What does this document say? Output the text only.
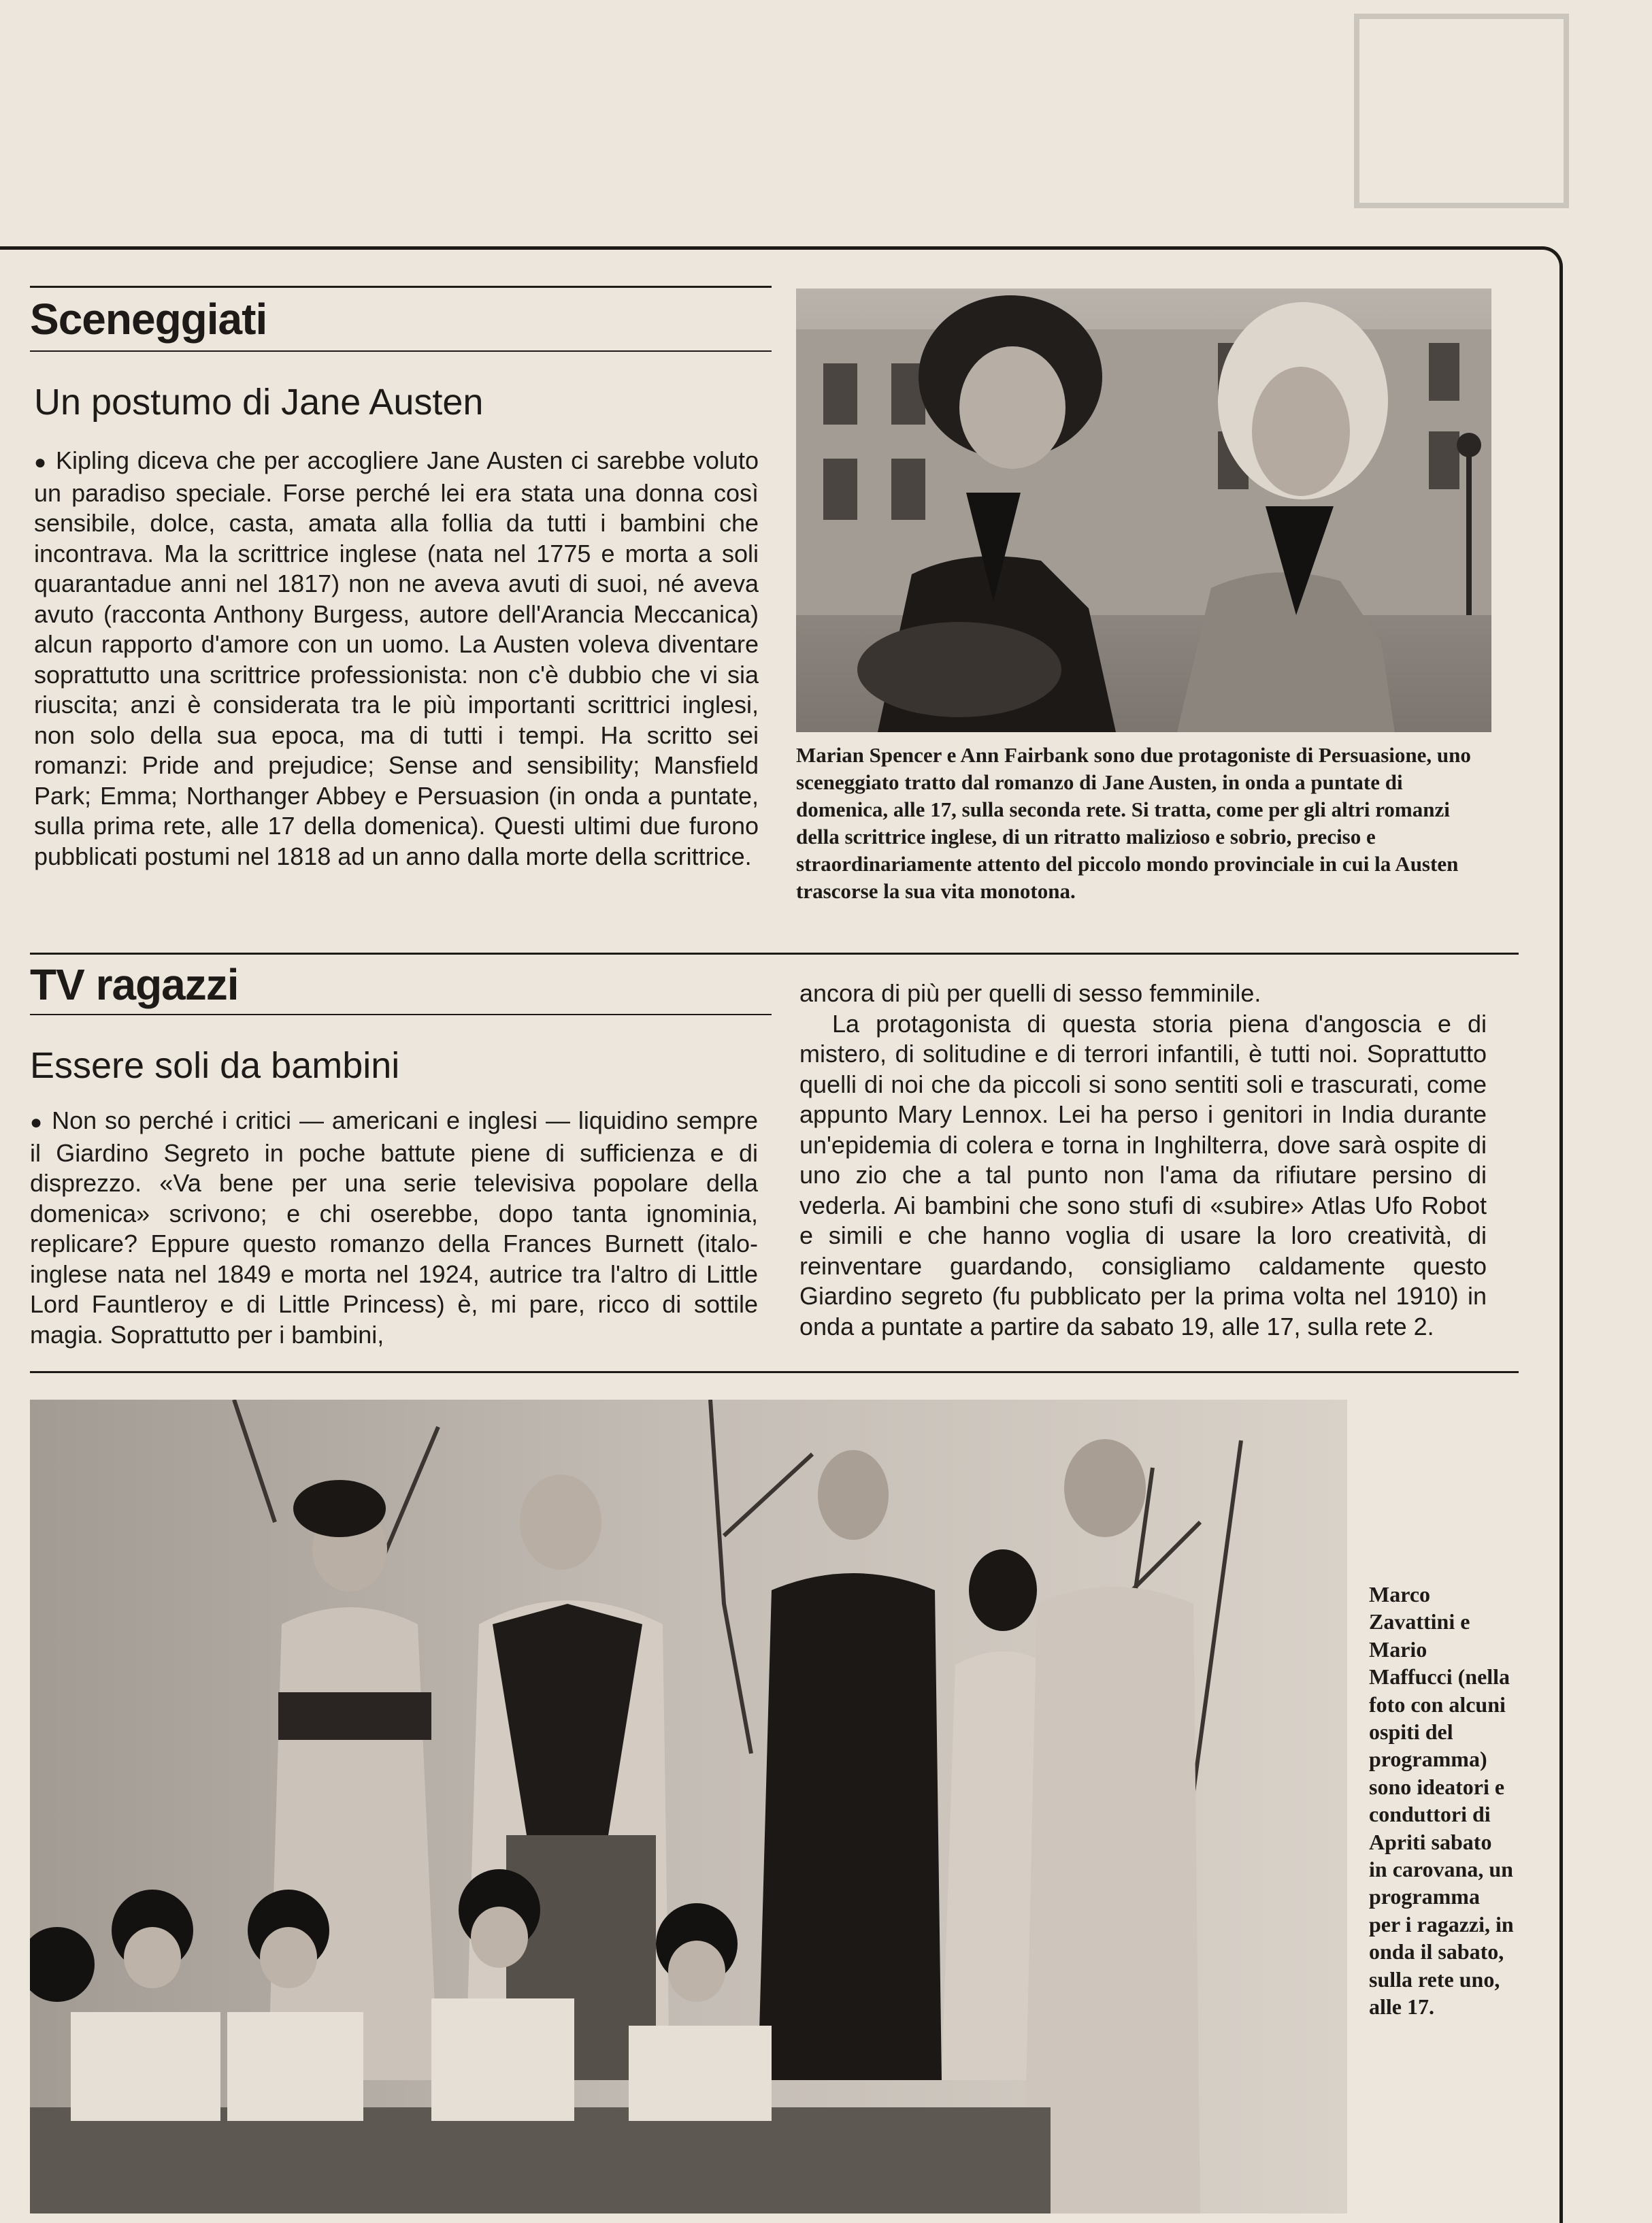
Sceneggiati
Un postumo di Jane Austen

● Kipling diceva che per accogliere Jane Austen ci sarebbe voluto un paradiso speciale. Forse perché lei era stata una donna così sensibile, dolce, casta, amata alla follia da tutti i bambini che incontrava. Ma la scrittrice inglese (nata nel 1775 e morta a soli quarantadue anni nel 1817) non ne aveva avuti di suoi, né aveva avuto (racconta Anthony Burgess, autore dell'Arancia Meccanica) alcun rapporto d'amore con un uomo. La Austen voleva diventare soprattutto una scrittrice professionista: non c'è dubbio che vi sia riuscita; anzi è considerata tra le più importanti scrittrici inglesi, non solo della sua epoca, ma di tutti i tempi. Ha scritto sei romanzi: Pride and prejudice; Sense and sensibility; Mansfield Park; Emma; Northanger Abbey e Persuasion (in onda a puntate, sulla prima rete, alle 17 della domenica). Questi ultimi due furono pubblicati postumi nel 1818 ad un anno dalla morte della scrittrice.

Marian Spencer e Ann Fairbank sono due protagoniste di Persuasione, uno sceneggiato tratto dal romanzo di Jane Austen, in onda a puntate di domenica, alle 17, sulla seconda rete. Si tratta, come per gli altri romanzi della scrittrice inglese, di un ritratto malizioso e sobrio, preciso e straordinariamente attento del piccolo mondo provinciale in cui la Austen trascorse la sua vita monotona.
TV ragazzi
Essere soli da bambini

● Non so perché i critici — americani e inglesi — liquidino sempre il Giardino Segreto in poche battute piene di sufficienza e di disprezzo. «Va bene per una serie televisiva popolare della domenica» scrivono; e chi oserebbe, dopo tanta ignominia, replicare? Eppure questo romanzo della Frances Burnett (italo-inglese nata nel 1849 e morta nel 1924, autrice tra l'altro di Little Lord Fauntleroy e di Little Princess) è, mi pare, ricco di sottile magia. Soprattutto per i bambini,

ancora di più per quelli di sesso femminile.

La protagonista di questa storia piena d'angoscia e di mistero, di solitudine e di terrori infantili, è tutti noi. Soprattutto quelli di noi che da piccoli si sono sentiti soli e trascurati, come appunto Mary Lennox. Lei ha perso i genitori in India durante un'epidemia di colera e torna in Inghilterra, dove sarà ospite di uno zio che a tal punto non l'ama da rifiutare persino di vederla. Ai bambini che sono stufi di «subire» Atlas Ufo Robot e simili e che hanno voglia di usare la loro creatività, di reinventare guardando, consigliamo caldamente questo Giardino segreto (fu pubblicato per la prima volta nel 1910) in onda a puntate a partire da sabato 19, alle 17, sulla rete 2.

Marco Zavattini e Mario Maffucci (nella foto con alcuni ospiti del programma) sono ideatori e conduttori di Apriti sabato in carovana, un programma per i ragazzi, in onda il sabato, sulla rete uno, alle 17.
